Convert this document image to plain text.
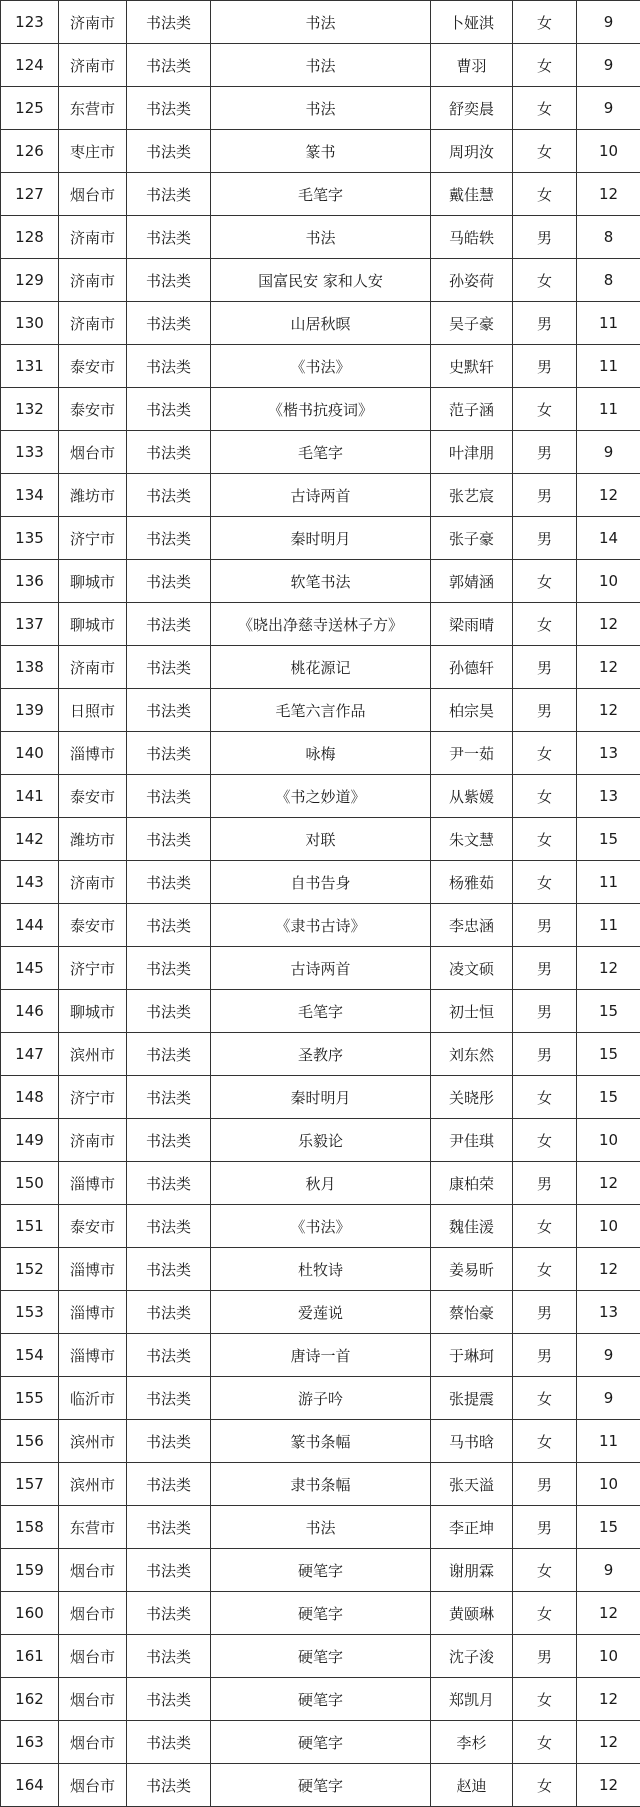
123	济南市	书法类	书法	卜娅淇	女	9
124	济南市	书法类	书法	曹羽	女	9
125	东营市	书法类	书法	舒奕晨	女	9
126	枣庄市	书法类	篆书	周玥汝	女	10
127	烟台市	书法类	毛笔字	戴佳慧	女	12
128	济南市	书法类	书法	马皓轶	男	8
129	济南市	书法类	国富民安 家和人安	孙姿荷	女	8
130	济南市	书法类	山居秋暝	吴子豪	男	11
131	泰安市	书法类	《书法》	史默轩	男	11
132	泰安市	书法类	《楷书抗疫词》	范子涵	女	11
133	烟台市	书法类	毛笔字	叶津朋	男	9
134	潍坊市	书法类	古诗两首	张艺宸	男	12
135	济宁市	书法类	秦时明月	张子豪	男	14
136	聊城市	书法类	软笔书法	郭婧涵	女	10
137	聊城市	书法类	《晓出净慈寺送林子方》	梁雨晴	女	12
138	济南市	书法类	桃花源记	孙德轩	男	12
139	日照市	书法类	毛笔六言作品	柏宗昊	男	12
140	淄博市	书法类	咏梅	尹一茹	女	13
141	泰安市	书法类	《书之妙道》	从紫媛	女	13
142	潍坊市	书法类	对联	朱文慧	女	15
143	济南市	书法类	自书告身	杨雅茹	女	11
144	泰安市	书法类	《隶书古诗》	李忠涵	男	11
145	济宁市	书法类	古诗两首	凌文硕	男	12
146	聊城市	书法类	毛笔字	初士恒	男	15
147	滨州市	书法类	圣教序	刘东然	男	15
148	济宁市	书法类	秦时明月	关晓彤	女	15
149	济南市	书法类	乐毅论	尹佳琪	女	10
150	淄博市	书法类	秋月	康柏荣	男	12
151	泰安市	书法类	《书法》	魏佳湲	女	10
152	淄博市	书法类	杜牧诗	姜易昕	女	12
153	淄博市	书法类	爱莲说	蔡怡豪	男	13
154	淄博市	书法类	唐诗一首	于琳珂	男	9
155	临沂市	书法类	游子吟	张提震	女	9
156	滨州市	书法类	篆书条幅	马书晗	女	11
157	滨州市	书法类	隶书条幅	张天溢	男	10
158	东营市	书法类	书法	李正坤	男	15
159	烟台市	书法类	硬笔字	谢朋霖	女	9
160	烟台市	书法类	硬笔字	黄颐琳	女	12
161	烟台市	书法类	硬笔字	沈子浚	男	10
162	烟台市	书法类	硬笔字	郑凯月	女	12
163	烟台市	书法类	硬笔字	李杉	女	12
164	烟台市	书法类	硬笔字	赵迪	女	12
